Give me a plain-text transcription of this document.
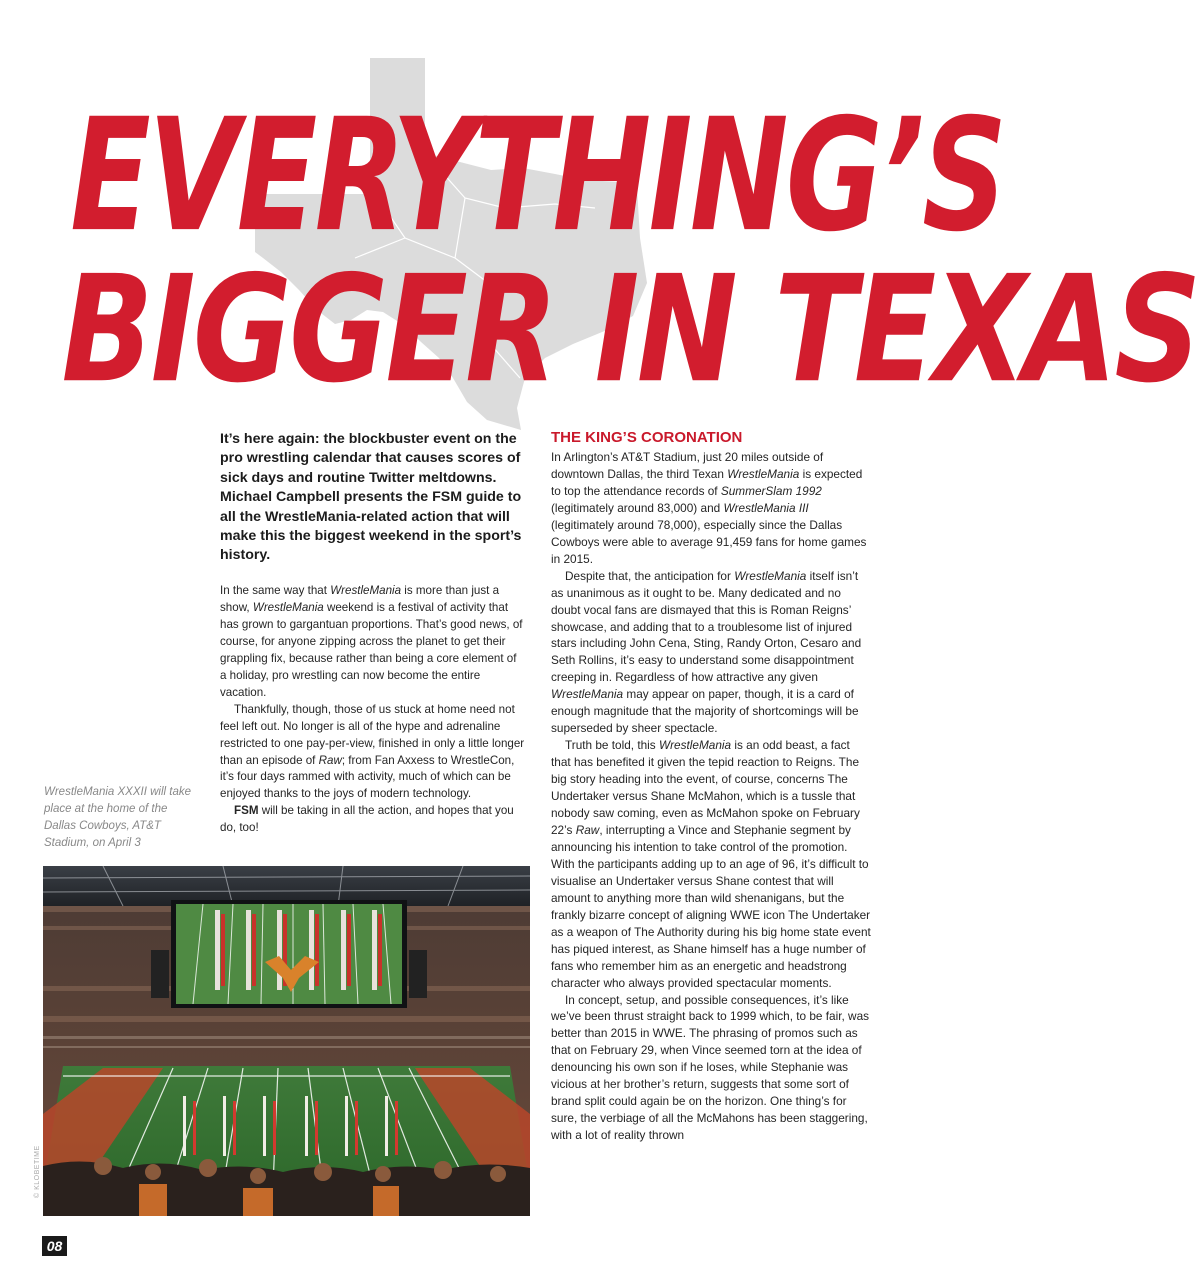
EVERYTHING’S
BIGGER IN TEXAS

It’s here again: the blockbuster event on the pro wrestling calendar that causes scores of sick days and routine Twitter meltdowns. Michael Campbell presents the FSM guide to all the WrestleMania-related action that will make this the biggest weekend in the sport’s history.

In the same way that WrestleMania is more than just a show, WrestleMania weekend is a festival of activity that has grown to gargantuan proportions. That’s good news, of course, for anyone zipping across the planet to get their grappling fix, because rather than being a core element of a holiday, pro wrestling can now become the entire vacation.

Thankfully, though, those of us stuck at home need not feel left out. No longer is all of the hype and adrenaline restricted to one pay-per-view, finished in only a little longer than an episode of Raw; from Fan Axxess to WrestleCon, it’s four days rammed with activity, much of which can be enjoyed thanks to the joys of modern technology.

FSM will be taking in all the action, and hopes that you do, too!

WrestleMania XXXII will take place at the home of the Dallas Cowboys, AT&T Stadium, on April 3

© KLOBETIME

THE KING’S CORONATION

In Arlington’s AT&T Stadium, just 20 miles outside of downtown Dallas, the third Texan WrestleMania is expected to top the attendance records of SummerSlam 1992 (legitimately around 83,000) and WrestleMania III (legitimately around 78,000), especially since the Dallas Cowboys were able to average 91,459 fans for home games in 2015.

Despite that, the anticipation for WrestleMania itself isn’t as unanimous as it ought to be. Many dedicated and no doubt vocal fans are dismayed that this is Roman Reigns’ showcase, and adding that to a troublesome list of injured stars including John Cena, Sting, Randy Orton, Cesaro and Seth Rollins, it’s easy to understand some disappointment creeping in. Regardless of how attractive any given WrestleMania may appear on paper, though, it is a card of enough magnitude that the majority of shortcomings will be superseded by sheer spectacle.

Truth be told, this WrestleMania is an odd beast, a fact that has benefited it given the tepid reaction to Reigns. The big story heading into the event, of course, concerns The Undertaker versus Shane McMahon, which is a tussle that nobody saw coming, even as McMahon spoke on February 22’s Raw, interrupting a Vince and Stephanie segment by announcing his intention to take control of the promotion. With the participants adding up to an age of 96, it’s difficult to visualise an Undertaker versus Shane contest that will amount to anything more than wild shenanigans, but the frankly bizarre concept of aligning WWE icon The Undertaker as a weapon of The Authority during his big home state event has piqued interest, as Shane himself has a huge number of fans who remember him as an energetic and headstrong character who always provided spectacular moments.

In concept, setup, and possible consequences, it’s like we’ve been thrust straight back to 1999 which, to be fair, was better than 2015 in WWE. The phrasing of promos such as that on February 29, when Vince seemed torn at the idea of denouncing his own son if he loses, while Stephanie was vicious at her brother’s return, suggests that some sort of brand split could again be on the horizon. One thing’s for sure, the verbiage of all the McMahons has been staggering, with a lot of reality thrown

08
